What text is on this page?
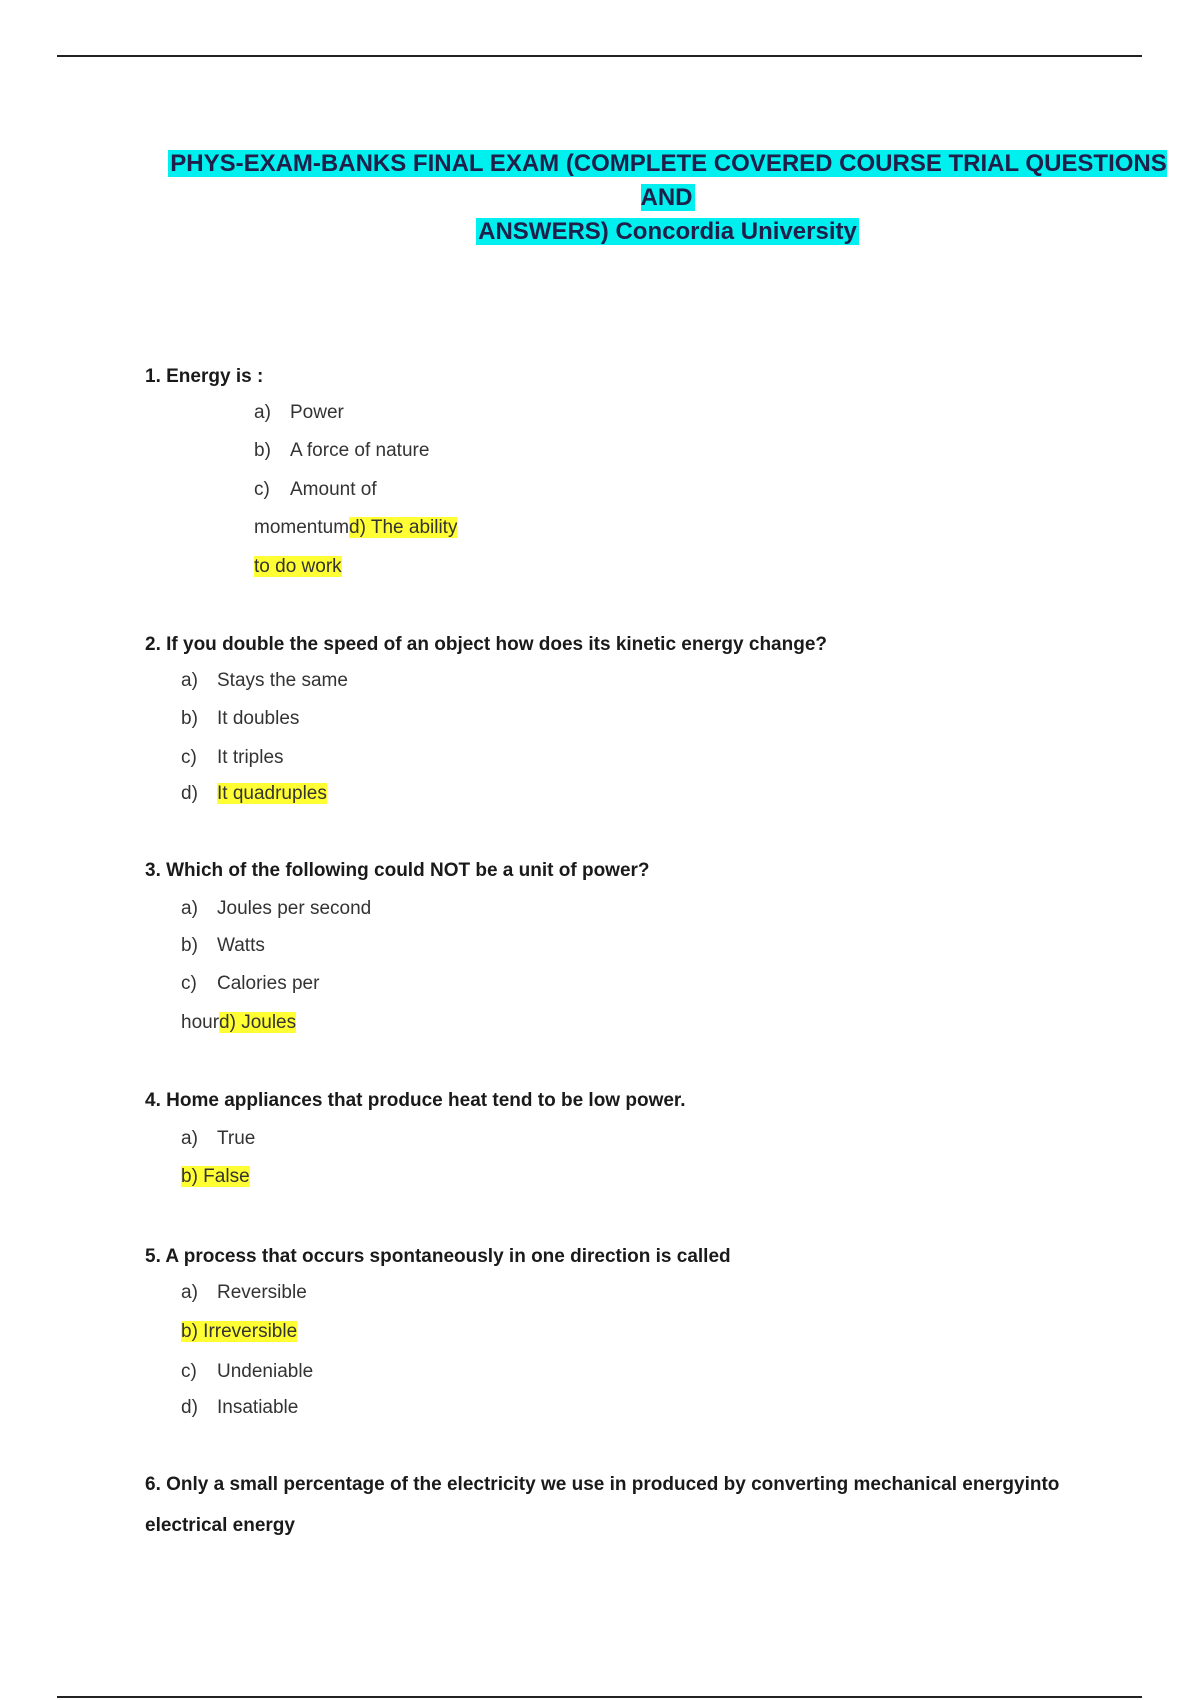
PHYS-EXAM-BANKS FINAL EXAM (COMPLETE COVERED COURSE TRIAL QUESTIONS AND
ANSWERS) Concordia University
1. Energy is :
a) Power
b) A force of nature
c) Amount of
momentumd) The ability
to do work
2. If you double the speed of an object how does its kinetic energy change?
a) Stays the same
b) It doubles
c) It triples
d) It quadruples
3. Which of the following could NOT be a unit of power?
a) Joules per second
b) Watts
c) Calories per
hourd) Joules
4. Home appliances that produce heat tend to be low power.
a) True
b) False
5. A process that occurs spontaneously in one direction is called
a) Reversible
b) Irreversible
c) Undeniable
d) Insatiable
6. Only a small percentage of the electricity we use in produced by converting mechanical energyinto
electrical energy
